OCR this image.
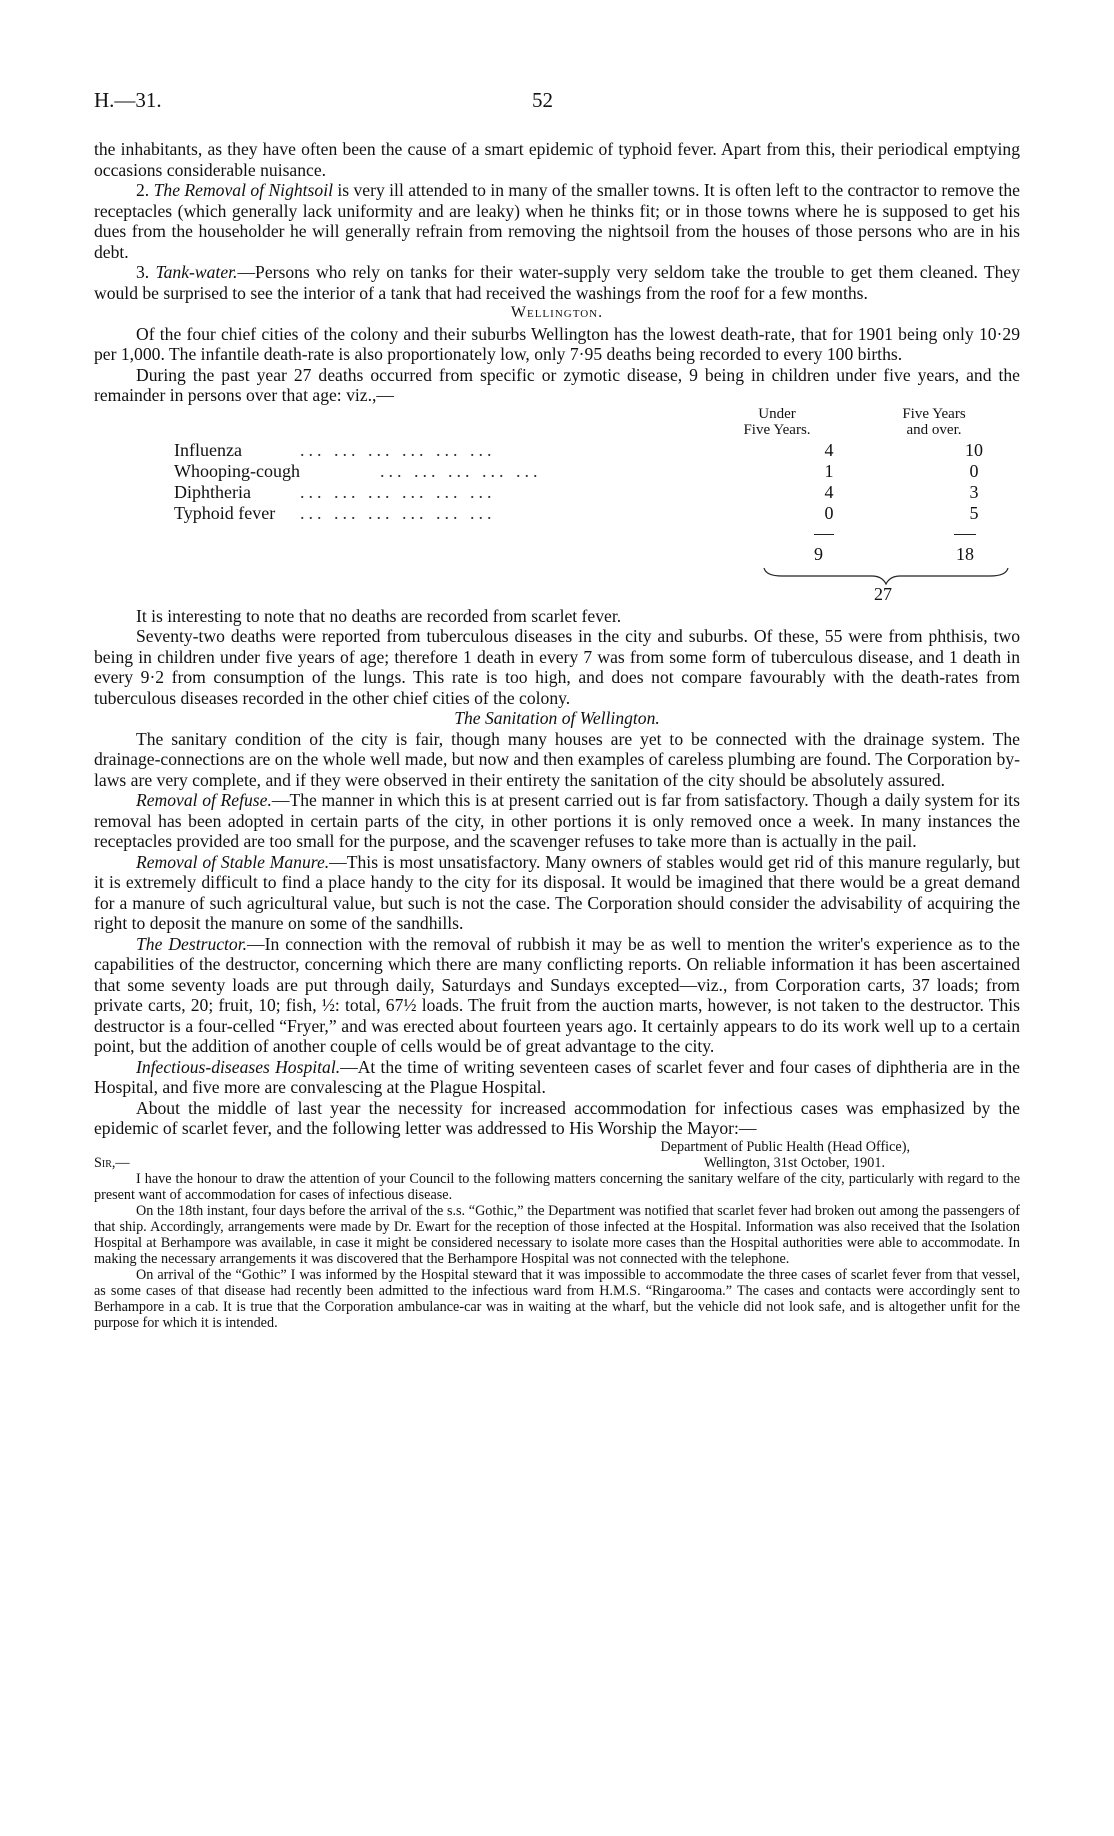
H.—31.	52

the inhabitants, as they have often been the cause of a smart epidemic of typhoid fever. Apart from this, their periodical emptying occasions considerable nuisance.

2. The Removal of Nightsoil is very ill attended to in many of the smaller towns. It is often left to the contractor to remove the receptacles (which generally lack uniformity and are leaky) when he thinks fit; or in those towns where he is supposed to get his dues from the householder he will generally refrain from removing the nightsoil from the houses of those persons who are in his debt.

3. Tank-water.—Persons who rely on tanks for their water-supply very seldom take the trouble to get them cleaned. They would be surprised to see the interior of a tank that had received the washings from the roof for a few months.

Wellington.

Of the four chief cities of the colony and their suburbs Wellington has the lowest death-rate, that for 1901 being only 10·29 per 1,000. The infantile death-rate is also proportionately low, only 7·95 deaths being recorded to every 100 births.

During the past year 27 deaths occurred from specific or zymotic disease, 9 being in children under five years, and the remainder in persons over that age: viz.,—

Under
Five Years.
Five Years
and over.
Influenza	... ... ... ... ... ...	4	10
Whooping-cough	... ... ... ... ...	1	0
Diphtheria	... ... ... ... ... ...	4	3
Typhoid fever ... ... ... ... ... ...	0	5
9	18
27

It is interesting to note that no deaths are recorded from scarlet fever.

Seventy-two deaths were reported from tuberculous diseases in the city and suburbs. Of these, 55 were from phthisis, two being in children under five years of age; therefore 1 death in every 7 was from some form of tuberculous disease, and 1 death in every 9·2 from consumption of the lungs. This rate is too high, and does not compare favourably with the death-rates from tuberculous diseases recorded in the other chief cities of the colony.

The Sanitation of Wellington.

The sanitary condition of the city is fair, though many houses are yet to be connected with the drainage system. The drainage-connections are on the whole well made, but now and then examples of careless plumbing are found. The Corporation by-laws are very complete, and if they were observed in their entirety the sanitation of the city should be absolutely assured.

Removal of Refuse.—The manner in which this is at present carried out is far from satisfactory. Though a daily system for its removal has been adopted in certain parts of the city, in other portions it is only removed once a week. In many instances the receptacles provided are too small for the purpose, and the scavenger refuses to take more than is actually in the pail.

Removal of Stable Manure.—This is most unsatisfactory. Many owners of stables would get rid of this manure regularly, but it is extremely difficult to find a place handy to the city for its disposal. It would be imagined that there would be a great demand for a manure of such agricultural value, but such is not the case. The Corporation should consider the advisability of acquiring the right to deposit the manure on some of the sandhills.

The Destructor.—In connection with the removal of rubbish it may be as well to mention the writer's experience as to the capabilities of the destructor, concerning which there are many conflicting reports. On reliable information it has been ascertained that some seventy loads are put through daily, Saturdays and Sundays excepted—viz., from Corporation carts, 37 loads; from private carts, 20; fruit, 10; fish, ½: total, 67½ loads. The fruit from the auction marts, however, is not taken to the destructor. This destructor is a four-celled “Fryer,” and was erected about fourteen years ago. It certainly appears to do its work well up to a certain point, but the addition of another couple of cells would be of great advantage to the city.

Infectious-diseases Hospital.—At the time of writing seventeen cases of scarlet fever and four cases of diphtheria are in the Hospital, and five more are convalescing at the Plague Hospital.

About the middle of last year the necessity for increased accommodation for infectious cases was emphasized by the epidemic of scarlet fever, and the following letter was addressed to His Worship the Mayor:—

Department of Public Health (Head Office),

Sir,—	Wellington, 31st October, 1901.

I have the honour to draw the attention of your Council to the following matters concerning the sanitary welfare of the city, particularly with regard to the present want of accommodation for cases of infectious disease.

On the 18th instant, four days before the arrival of the s.s. “Gothic,” the Department was notified that scarlet fever had broken out among the passengers of that ship. Accordingly, arrangements were made by Dr. Ewart for the reception of those infected at the Hospital. Information was also received that the Isolation Hospital at Berhampore was available, in case it might be considered necessary to isolate more cases than the Hospital authorities were able to accommodate. In making the necessary arrangements it was discovered that the Berhampore Hospital was not connected with the telephone.

On arrival of the “Gothic” I was informed by the Hospital steward that it was impossible to accommodate the three cases of scarlet fever from that vessel, as some cases of that disease had recently been admitted to the infectious ward from H.M.S. “Ringarooma.” The cases and contacts were accordingly sent to Berhampore in a cab. It is true that the Corporation ambulance-car was in waiting at the wharf, but the vehicle did not look safe, and is altogether unfit for the purpose for which it is intended.
